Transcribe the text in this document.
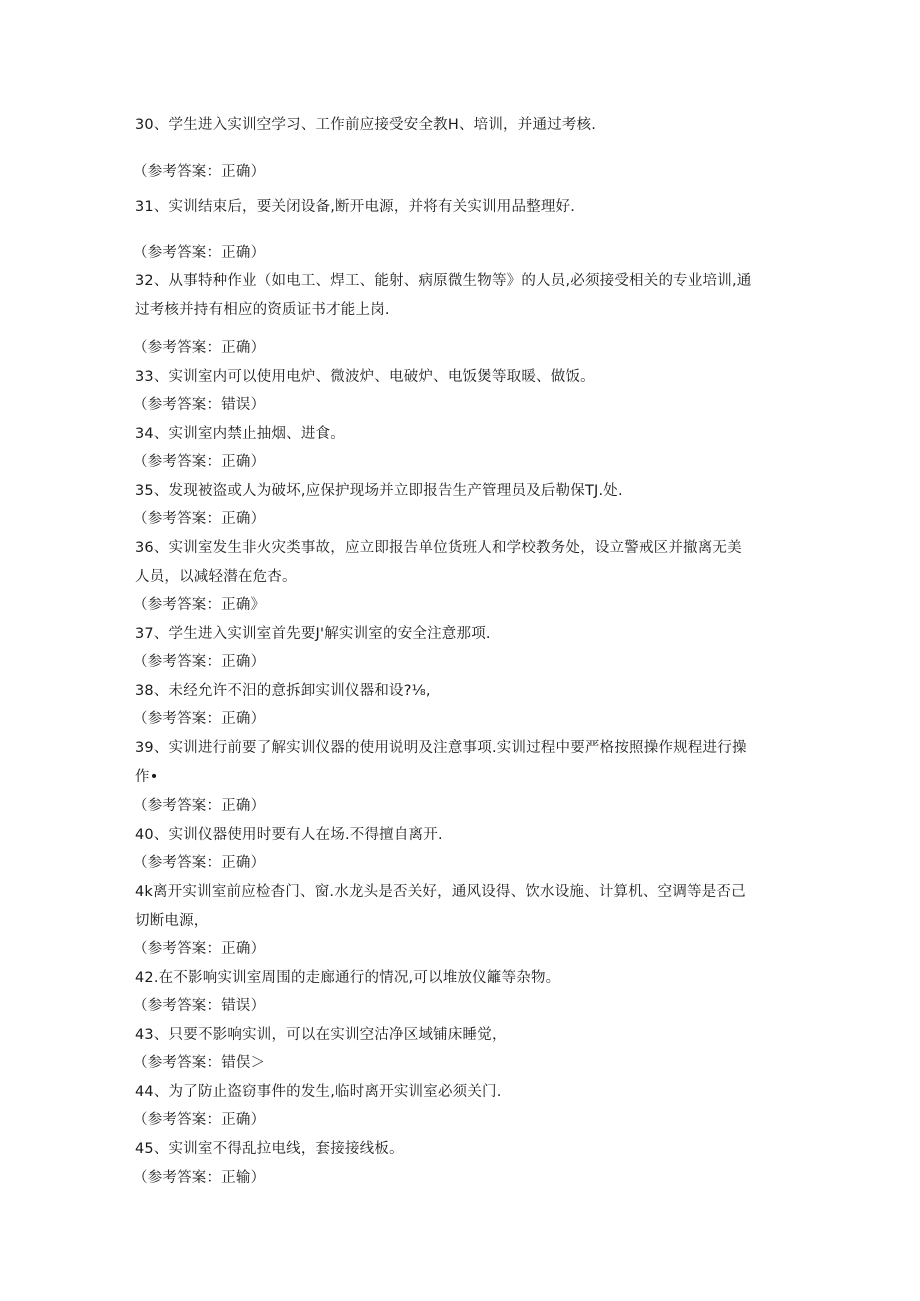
30、学生进入实训空学习、工作前应接受安全教H、培训，并通过考核.
（参考答案：正确）
31、实训结束后，要关闭设备,断开电源，并将有关实训用品整理好.
（参考答案：正确）
32、从事特种作业（如电工、焊工、能射、病原微生物等》的人员,必须接受相关的专业培训,通
过考核并持有相应的资质证书才能上岗.
（参考答案：正确）
33、实训室内可以使用电炉、微波炉、电破炉、电饭煲等取暖、做饭。
（参考答案：错误）
34、实训室内禁止抽烟、进食。
（参考答案：正确）
35、发现被盗或人为破坏,应保护现场并立即报告生产管理员及后勒保TJ.处.
（参考答案：正确）
36、实训室发生非火灾类事故，应立即报告单位货班人和学校教务处，设立警戒区并撤离无美
人员，以减轻潜在危杏。
（参考答案：正确》
37、学生进入实训室首先要J'解实训室的安全注意那项.
（参考答案：正确）
38、未经允许不汨的意拆卸实训仪器和设?⅛,
（参考答案：正确）
39、实训进行前要了解实训仪器的使用说明及注意事项.实训过程中要严格按照操作规程进行操
作•
（参考答案：正确）
40、实训仪器使用时要有人在场.不得擅自离开.
（参考答案：正确）
4k离开实训室前应检杳门、窗.水龙头是否关好，通风设得、饮水设施、计算机、空调等是否己
切断电源，
（参考答案：正确）
42.在不影响实训室周围的走廊通行的情况,可以堆放仪籬等杂物。
（参考答案：错误）
43、只要不影响实训，可以在实训空沽净区域铺床睡觉，
（参考答案：错俣＞
44、为了防止盗窃事件的发生,临时离开实训室必须关门.
（参考答案：正确）
45、实训室不得乱拉电线，套接接线板。
（参考答案：正输）
